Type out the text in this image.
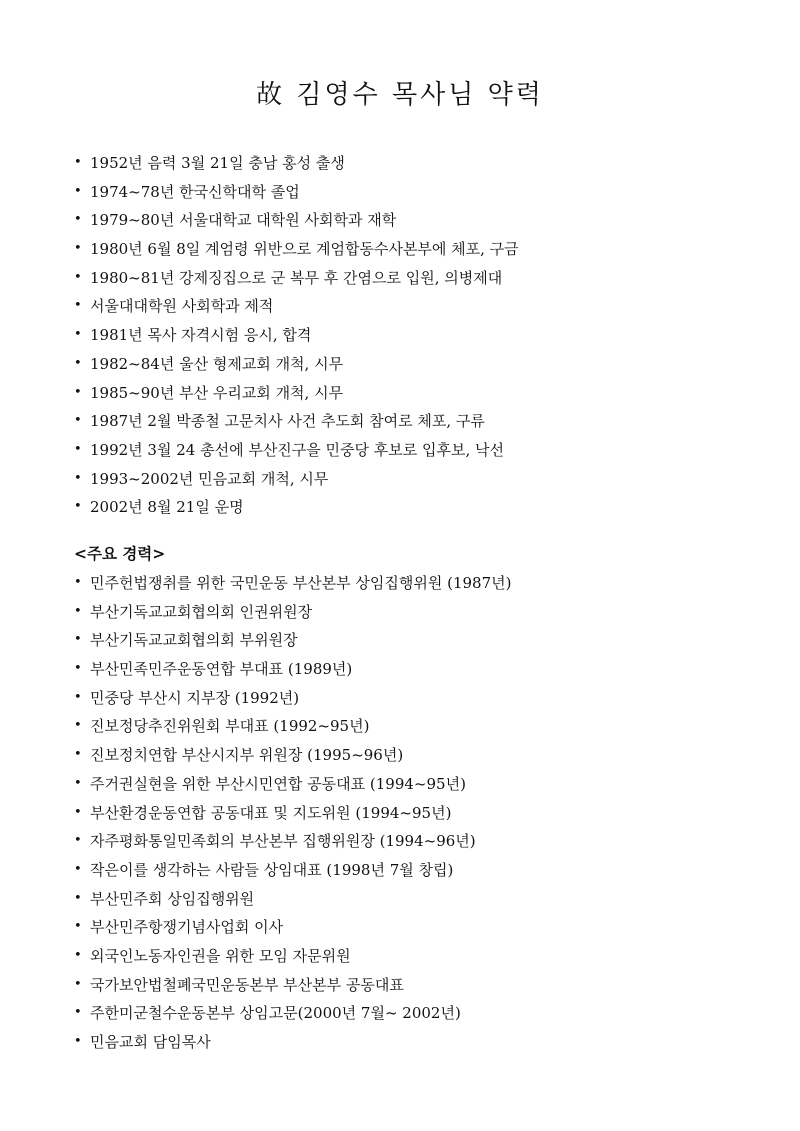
故 김영수 목사님 약력
• 1952년 음력 3월 21일 충남 홍성 출생
• 1974~78년 한국신학대학 졸업
• 1979~80년 서울대학교 대학원 사회학과 재학
• 1980년 6월 8일 계엄령 위반으로 계엄합동수사본부에 체포, 구금
• 1980~81년 강제징집으로 군 복무 후 간염으로 입원, 의병제대
• 서울대대학원 사회학과 제적
• 1981년 목사 자격시험 응시, 합격
• 1982~84년 울산 형제교회 개척, 시무
• 1985~90년 부산 우리교회 개척, 시무
• 1987년 2월 박종철 고문치사 사건 추도회 참여로 체포, 구류
• 1992년 3월 24 총선에 부산진구을 민중당 후보로 입후보, 낙선
• 1993~2002년 민음교회 개척, 시무
• 2002년 8월 21일 운명

<주요 경력>

• 민주헌법쟁취를 위한 국민운동 부산본부 상임집행위원 (1987년)
• 부산기독교교회협의회 인권위원장
• 부산기독교교회협의회 부위원장
• 부산민족민주운동연합 부대표 (1989년)
• 민중당 부산시 지부장 (1992년)
• 진보정당추진위원회 부대표 (1992~95년)
• 진보정치연합 부산시지부 위원장 (1995~96년)
• 주거권실현을 위한 부산시민연합 공동대표 (1994~95년)
• 부산환경운동연합 공동대표 및 지도위원 (1994~95년)
• 자주평화통일민족회의 부산본부 집행위원장 (1994~96년)
• 작은이를 생각하는 사람들 상임대표 (1998년 7월 창립)
• 부산민주회 상임집행위원
• 부산민주항쟁기념사업회 이사
• 외국인노동자인권을 위한 모임 자문위원
• 국가보안법철폐국민운동본부 부산본부 공동대표
• 주한미군철수운동본부 상임고문(2000년 7월~ 2002년)
• 민음교회 담임목사
